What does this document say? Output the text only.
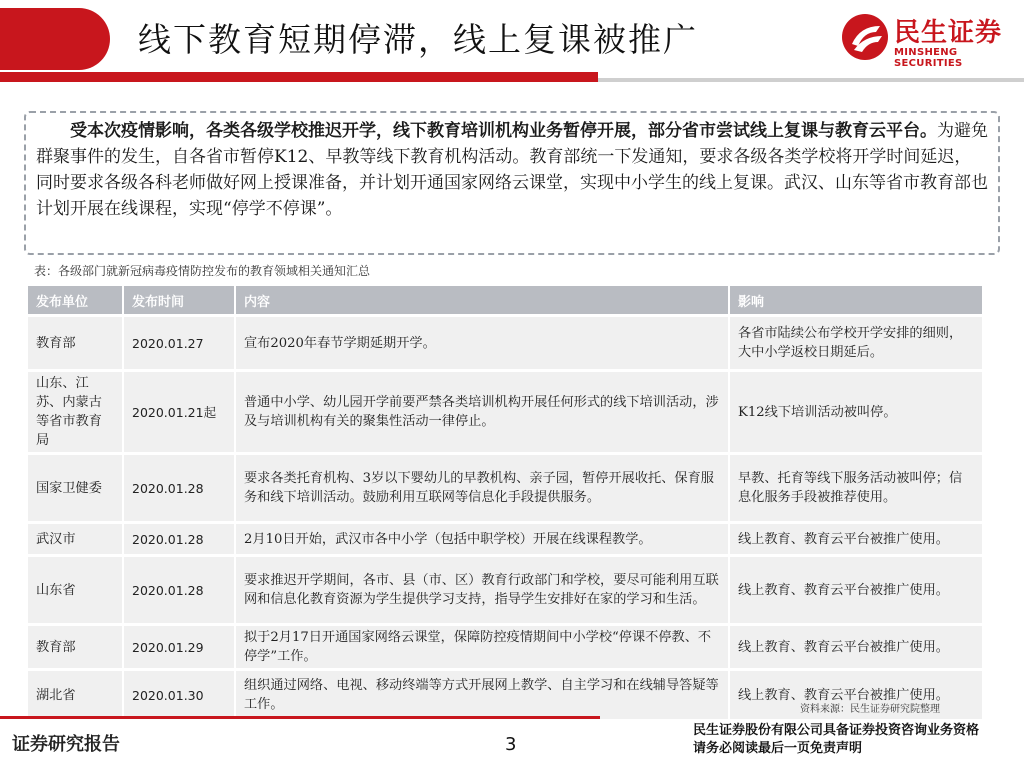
线下教育短期停滞，线上复课被推广	民生证券
MINSHENG SECURITIES

受本次疫情影响，各类各级学校推迟开学，线下教育培训机构业务暂停开展，部分省市尝试线上复课与教育云平台。为避免群聚事件的发生，自各省市暂停K12、早教等线下教育机构活动。教育部统一下发通知，要求各级各类学校将开学时间延迟，同时要求各级各科老师做好网上授课准备，并计划开通国家网络云课堂，实现中小学生的线上复课。武汉、山东等省市教育部也计划开展在线课程，实现“停学不停课”。

表：各级部门就新冠病毒疫情防控发布的教育领域相关通知汇总
发布单位	发布时间	内容	影响
教育部	2020.01.27	宣布2020年春节学期延期开学。	各省市陆续公布学校开学安排的细则，大中小学返校日期延后。
山东、江苏、内蒙古等省市教育局	2020.01.21起	普通中小学、幼儿园开学前要严禁各类培训机构开展任何形式的线下培训活动，涉及与培训机构有关的聚集性活动一律停止。	K12线下培训活动被叫停。
国家卫健委	2020.01.28	要求各类托育机构、3岁以下婴幼儿的早教机构、亲子园，暂停开展收托、保育服务和线下培训活动。鼓励利用互联网等信息化手段提供服务。	早教、托育等线下服务活动被叫停；信息化服务手段被推荐使用。
武汉市	2020.01.28	2月10日开始，武汉市各中小学（包括中职学校）开展在线课程教学。	线上教育、教育云平台被推广使用。
山东省	2020.01.28	要求推迟开学期间，各市、县（市、区）教育行政部门和学校，要尽可能利用互联网和信息化教育资源为学生提供学习支持，指导学生安排好在家的学习和生活。	线上教育、教育云平台被推广使用。
教育部	2020.01.29	拟于2月17日开通国家网络云课堂，保障防控疫情期间中小学校“停课不停教、不停学”工作。	线上教育、教育云平台被推广使用。
湖北省	2020.01.30	组织通过网络、电视、移动终端等方式开展网上教学、自主学习和在线辅导答疑等工作。	线上教育、教育云平台被推广使用。
资料来源：民生证券研究院整理
证券研究报告	3
民生证券股份有限公司具备证券投资咨询业务资格
请务必阅读最后一页免责声明
